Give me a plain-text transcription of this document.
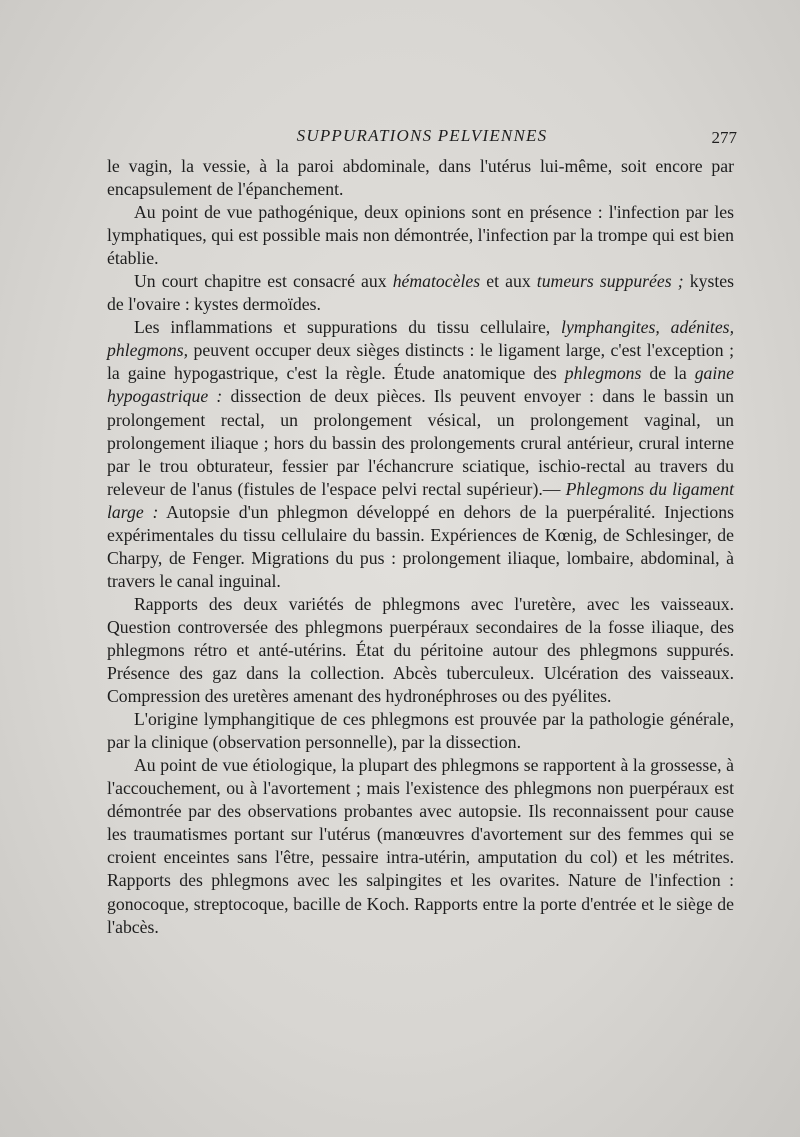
SUPPURATIONS PELVIENNES	277

le vagin, la vessie, à la paroi abdominale, dans l'utérus lui-même, soit encore par encapsulement de l'épanchement.

Au point de vue pathogénique, deux opinions sont en présence : l'infection par les lymphatiques, qui est possible mais non démontrée, l'infection par la trompe qui est bien établie.

Un court chapitre est consacré aux hématocèles et aux tumeurs suppurées ; kystes de l'ovaire : kystes dermoïdes.

Les inflammations et suppurations du tissu cellulaire, lymphangites, adénites, phlegmons, peuvent occuper deux sièges distincts : le ligament large, c'est l'exception ; la gaine hypogastrique, c'est la règle. Étude anatomique des phlegmons de la gaine hypogastrique : dissection de deux pièces. Ils peuvent envoyer : dans le bassin un prolongement rectal, un prolongement vésical, un prolongement vaginal, un prolongement iliaque ; hors du bassin des prolongements crural antérieur, crural interne par le trou obturateur, fessier par l'échancrure sciatique, ischio-rectal au travers du releveur de l'anus (fistules de l'espace pelvi rectal supérieur).— Phlegmons du ligament large : Autopsie d'un phlegmon développé en dehors de la puerpéralité. Injections expérimentales du tissu cellulaire du bassin. Expériences de Kœnig, de Schlesinger, de Charpy, de Fenger. Migrations du pus : prolongement iliaque, lombaire, abdominal, à travers le canal inguinal.

Rapports des deux variétés de phlegmons avec l'uretère, avec les vaisseaux. Question controversée des phlegmons puerpéraux secondaires de la fosse iliaque, des phlegmons rétro et anté-utérins. État du péritoine autour des phlegmons suppurés. Présence des gaz dans la collection. Abcès tuberculeux. Ulcération des vaisseaux. Compression des uretères amenant des hydronéphroses ou des pyélites.

L'origine lymphangitique de ces phlegmons est prouvée par la pathologie générale, par la clinique (observation personnelle), par la dissection.

Au point de vue étiologique, la plupart des phlegmons se rapportent à la grossesse, à l'accouchement, ou à l'avortement ; mais l'existence des phlegmons non puerpéraux est démontrée par des observations probantes avec autopsie. Ils reconnaissent pour cause les traumatismes portant sur l'utérus (manœuvres d'avortement sur des femmes qui se croient enceintes sans l'être, pessaire intra-utérin, amputation du col) et les métrites. Rapports des phlegmons avec les salpingites et les ovarites. Nature de l'infection : gonocoque, streptocoque, bacille de Koch. Rapports entre la porte d'entrée et le siège de l'abcès.
